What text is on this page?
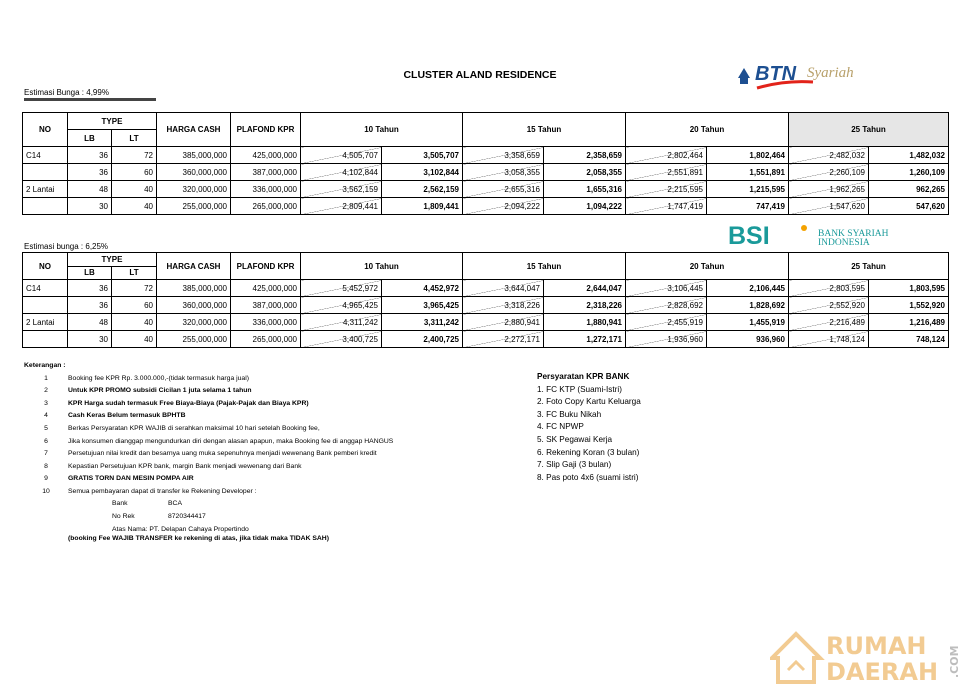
CLUSTER ALAND RESIDENCE	BTN Syariah
BSI	BANK SYARIAH
INDONESIA
RUMAH
DAERAH .COM
Estimasi Bunga : 4,99%
Estimasi bunga : 6,25%
NO	TYPE		HARGA CASH	PLAFOND KPR	10 Tahun		15 Tahun		20 Tahun		25 Tahun	
	LB	LT										
C14	36	72	385,000,000	425,000,000	4,505,707	3,505,707	3,358,659	2,358,659	2,802,464	1,802,464	2,482,032	1,482,032
	36	60	360,000,000	387,000,000	4,102,844	3,102,844	3,058,355	2,058,355	2,551,891	1,551,891	2,260,109	1,260,109
2 Lantai	48	40	320,000,000	336,000,000	3,562,159	2,562,159	2,655,316	1,655,316	2,215,595	1,215,595	1,962,265	962,265
	30	40	255,000,000	265,000,000	2,809,441	1,809,441	2,094,222	1,094,222	1,747,419	747,419	1,547,620	547,620
NO	TYPE		HARGA CASH	PLAFOND KPR	10 Tahun		15 Tahun		20 Tahun		25 Tahun	
	LB	LT										
C14	36	72	385,000,000	425,000,000	5,452,972	4,452,972	3,644,047	2,644,047	3,106,445	2,106,445	2,803,595	1,803,595
	36	60	360,000,000	387,000,000	4,965,425	3,965,425	3,318,226	2,318,226	2,828,692	1,828,692	2,552,920	1,552,920
2 Lantai	48	40	320,000,000	336,000,000	4,311,242	3,311,242	2,880,941	1,880,941	2,455,919	1,455,919	2,216,489	1,216,489
	30	40	255,000,000	265,000,000	3,400,725	2,400,725	2,272,171	1,272,171	1,936,960	936,960	1,748,124	748,124
Keterangan :
1	Booking fee KPR Rp. 3.000.000,-(tidak termasuk harga jual)
2	Untuk KPR PROMO subsidi Cicilan 1 juta selama 1 tahun
3	KPR Harga sudah termasuk Free Biaya-Biaya (Pajak-Pajak dan Biaya KPR)
4	Cash Keras Belum termasuk BPHTB
5	Berkas Persyaratan KPR WAJIB di serahkan maksimal 10 hari setelah Booking fee,
6	Jika konsumen dianggap mengundurkan diri dengan alasan apapun, maka Booking fee di anggap HANGUS
7	Persetujuan nilai kredit dan besarnya uang muka sepenuhnya menjadi wewenang Bank pemberi kredit
8	Kepastian Persetujuan KPR bank, margin Bank menjadi wewenang dari Bank
9	GRATIS TORN DAN MESIN POMPA AIR
10	Semua pembayaran dapat di transfer ke Rekening Developer :
Bank	BCA
No Rek	8720344417
Atas Nama: PT. Delapan Cahaya Propertindo
(booking Fee WAJIB TRANSFER ke rekening di atas, jika tidak maka TIDAK SAH)
Persyaratan KPR BANK
1. FC KTP (Suami-Istri)
2. Foto Copy Kartu Keluarga
3. FC Buku Nikah
4. FC NPWP
5. SK Pegawai Kerja
6. Rekening Koran (3 bulan)
7. Slip Gaji (3 bulan)
8. Pas poto 4x6 (suami istri)
